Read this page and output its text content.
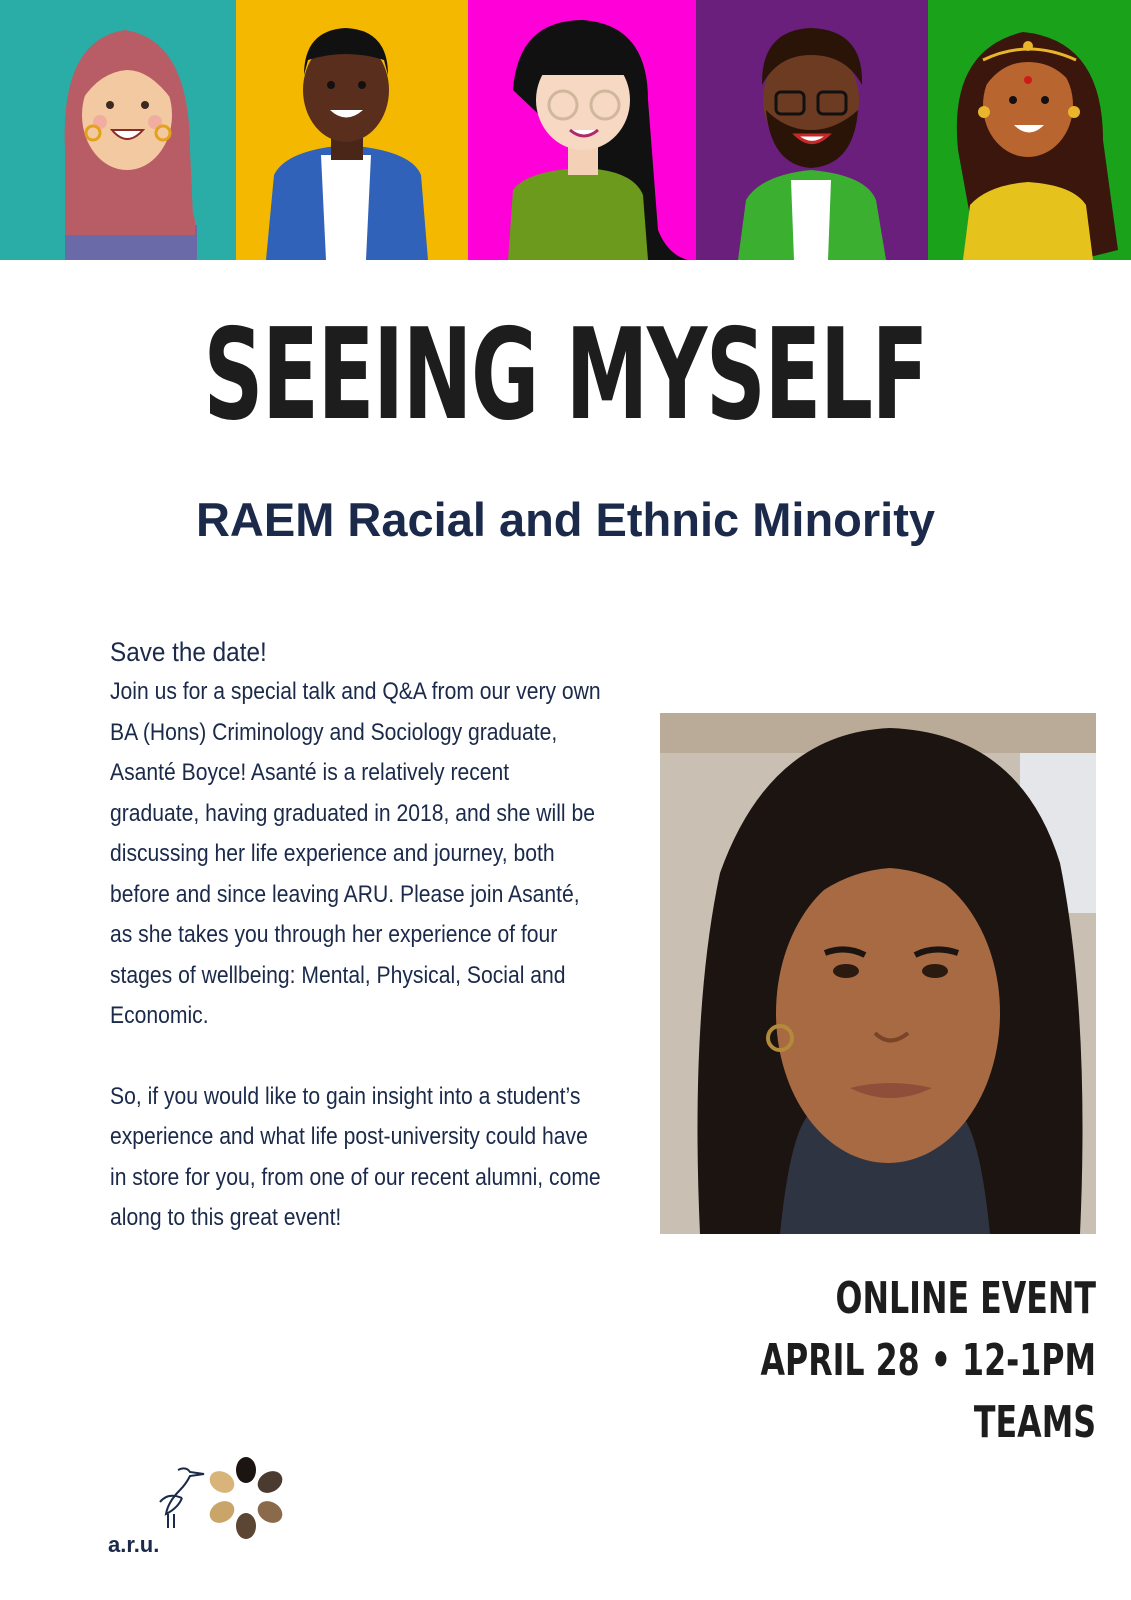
SEEING MYSELF
RAEM Racial and Ethnic Minority

Save the date!

Join us for a special talk and Q&A from our very own BA (Hons) Criminology and Sociology graduate, Asanté Boyce! Asanté is a relatively recent graduate, having graduated in 2018, and she will be discussing her life experience and journey, both before and since leaving ARU. Please join Asanté, as she takes you through her experience of four stages of wellbeing: Mental, Physical, Social and Economic.

So, if you would like to gain insight into a student’s experience and what life post-university could have in store for you, from one of our recent alumni, come along to this great event!

ONLINE EVENT
APRIL 28 • 12-1PM
TEAMS
a.r.u.
